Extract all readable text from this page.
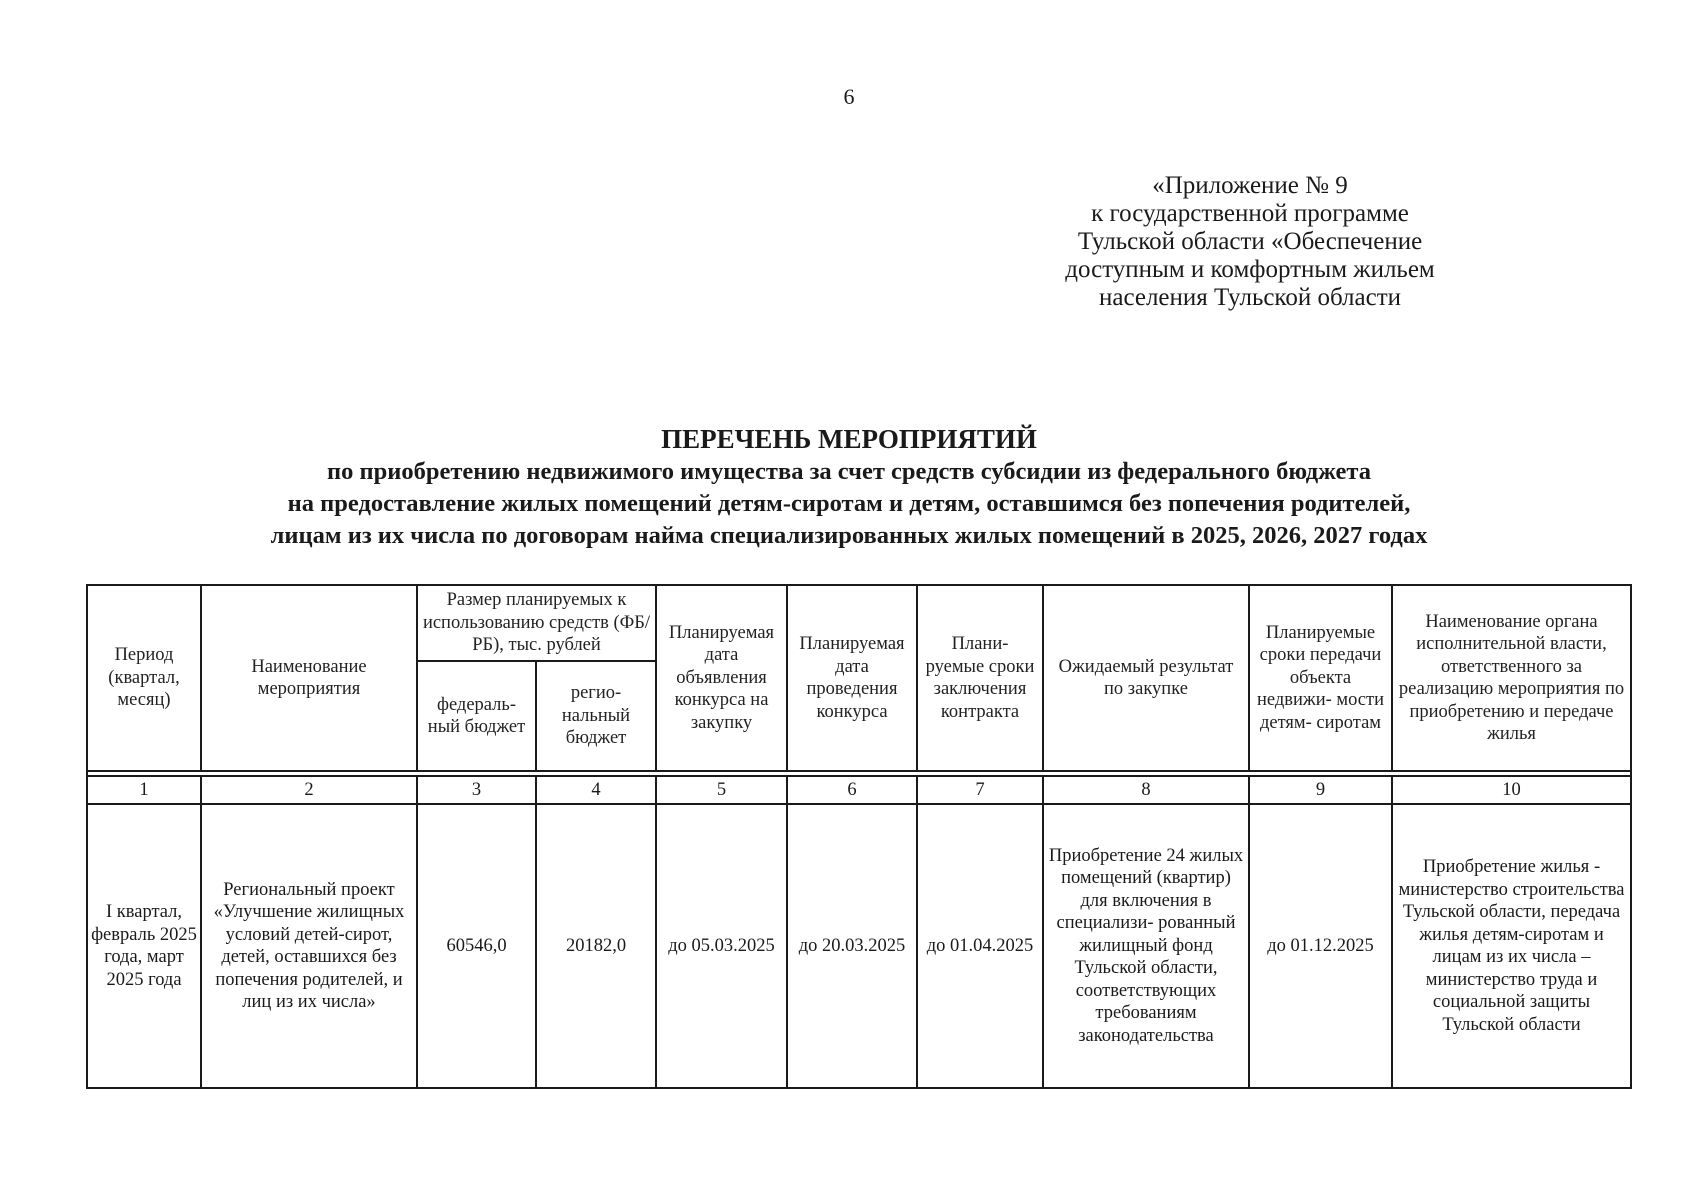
6
«Приложение № 9
к государственной программе
Тульской области «Обеспечение
доступным и комфортным жильем
населения Тульской области
ПЕРЕЧЕНЬ МЕРОПРИЯТИЙ
по приобретению недвижимого имущества за счет средств субсидии из федерального бюджета
на предоставление жилых помещений детям-сиротам и детям, оставшимся без попечения родителей,
лицам из их числа по договорам найма специализированных жилых помещений в 2025, 2026, 2027 годах
Период (квартал, месяц)	Наименование мероприятия	Размер планируемых к использованию средств (ФБ/РБ), тыс. рублей		Планируемая дата объявления конкурса на закупку	Планируемая дата проведения конкурса	Плани- руемые сроки заключения контракта	Ожидаемый результат по закупке	Планируемые сроки передачи объекта недвижи- мости детям- сиротам	Наименование органа исполнительной власти, ответственного за реализацию мероприятия по приобретению и передаче жилья
		федераль- ный бюджет	регио- нальный бюджет						

1	2	3	4	5	6	7	8	9	10
I квартал, февраль 2025 года, март 2025 года	Региональный проект «Улучшение жилищных условий детей-сирот, детей, оставшихся без попечения родителей, и лиц из их числа»	60546,0	20182,0	до 05.03.2025	до 20.03.2025	до 01.04.2025	Приобретение 24 жилых помещений (квартир) для включения в специализи- рованный жилищный фонд Тульской области, соответствующих требованиям законодательства	до 01.12.2025	Приобретение жилья - министерство строительства Тульской области, передача жилья детям-сиротам и лицам из их числа – министерство труда и социальной защиты Тульской области
